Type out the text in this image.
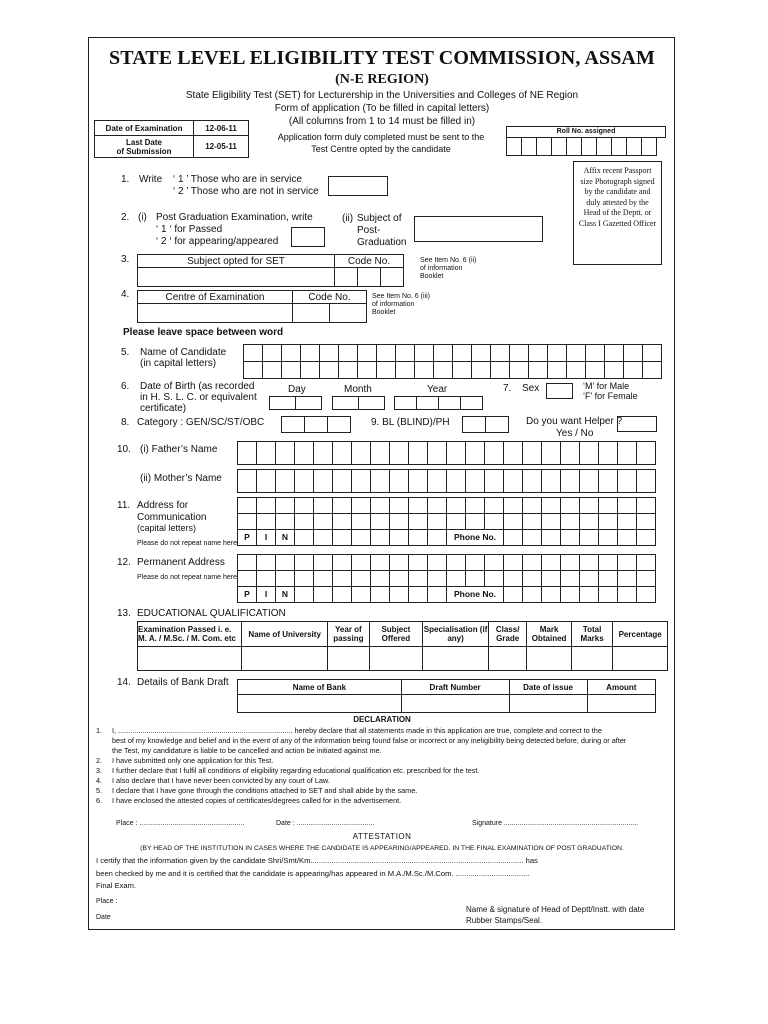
STATE LEVEL ELIGIBILITY TEST COMMISSION, ASSAM
(N-E REGION)
State Eligibility Test (SET) for Lecturership in the Universities and Colleges of NE Region
Form of application (To be filled in capital letters)
(All columns from 1 to 14 must be filled in)
Application form duly completed must be sent to the
Test Centre opted by the candidate
Date of Examination	12-06-11
Last Date
of Submission	12-05-11
Roll No. assigned
Affix recent Passport size Photograph signed by the candidate and duly attested by the Head of the Deptt. or Class I Gazetted Officer
1. Write ‘ 1 ’ Those who are in service
‘ 2 ’ Those who are not in service
2. (i) Post Graduation Examination, write
‘ 1 ‘ for Passed
‘ 2 ‘ for appearing/appeared
(ii) Subject of
Post-
Graduation
3.	Subject opted for SET	Code No.
		See Item No. 6 (ii)
of information
Booklet
4.	Centre of Examination	Code No.
		See Item No. 6 (iii)
of information
Booklet
Please leave space between word
5. Name of Candidate
(in capital letters)
6. Date of Birth (as recorded
in H. S. L. C. or equivalent
certificate)
Day	Month	Year	7. Sex	‘M’ for Male
‘F’ for Female
8. Category : GEN/SC/ST/OBC	9. BL (BLIND)/PH	Do you want Helper ?
Yes / No
10. (i) Father’s Name
(ii) Mother’s Name
11. Address for
Communication
(capital letters)
Please do not repeat name here
P	I	N	Phone No.
12. Permanent Address
Please do not repeat name here
P	I	N	Phone No.
13. EDUCATIONAL QUALIFICATION
Examination Passed i. e. M. A. / M.Sc. / M. Com. etc	Name of University	Year of passing	Subject Offered	Specialisation (if any)	Class/ Grade	Mark Obtained	Total Marks	Percentage

14. Details of Bank Draft	Name of Bank	Draft Number	Date of issue	Amount

DECLARATION
1.	I, ...................................................................................... hereby declare that all statements made in this application are true, complete and correct to the
best of my knowledge and belief and in the event of any of the information being found false or incorrect or any ineligibility being detected before, during or after
the Test, my candidature is liable to be cancelled and action be initiated against me.
2.	I have submitted only one application for this Test.
3.	I further declare that I fulfil all conditions of eligibility regarding educational qualification etc. prescribed for the test.
4.	I also declare that I have never been convicted by any court of Law.
5.	I declare that I have gone through the conditions attached to SET and shall abide by the same.
6.	I have enclosed the attested copies of certificates/degrees called for in the advertisement.
Place : ......................................................	Date : ........................................	Signature .....................................................................
ATTESTATION
(BY HEAD OF THE INSTITUTION IN CASES WHERE THE CANDIDATE IS APPEARING/APPEARED. IN THE FINAL EXAMINATION OF POST GRADUATION.
I certify that the information given by the candidate Shri/Smt/Km..................................................................................................... has
been checked by me and it is certified that the candidate is appearing/has appeared in M.A./M.Sc./M.Com. ...................................
Final Exam.
Place :
Date
Name & signature of Head of Deptt/Instt. with date
Rubber Stamps/Seal.
